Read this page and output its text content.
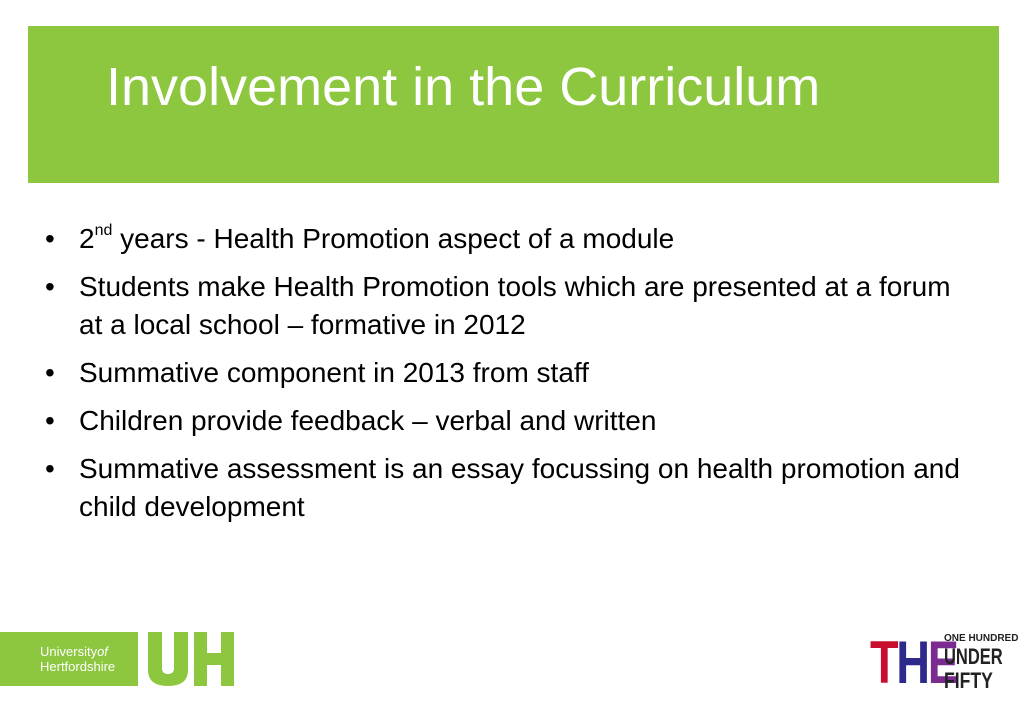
Involvement in the Curriculum
• 2nd years - Health Promotion aspect of a module
• Students make Health Promotion tools which are presented at a forum at a local school – formative in 2012
• Summative component in 2013 from staff
• Children provide feedback – verbal and written
• Summative assessment is an essay focussing on health promotion and child development
Universityof
Hertfordshire	THE
ONE HUNDRED
UNDER
FIFTY
